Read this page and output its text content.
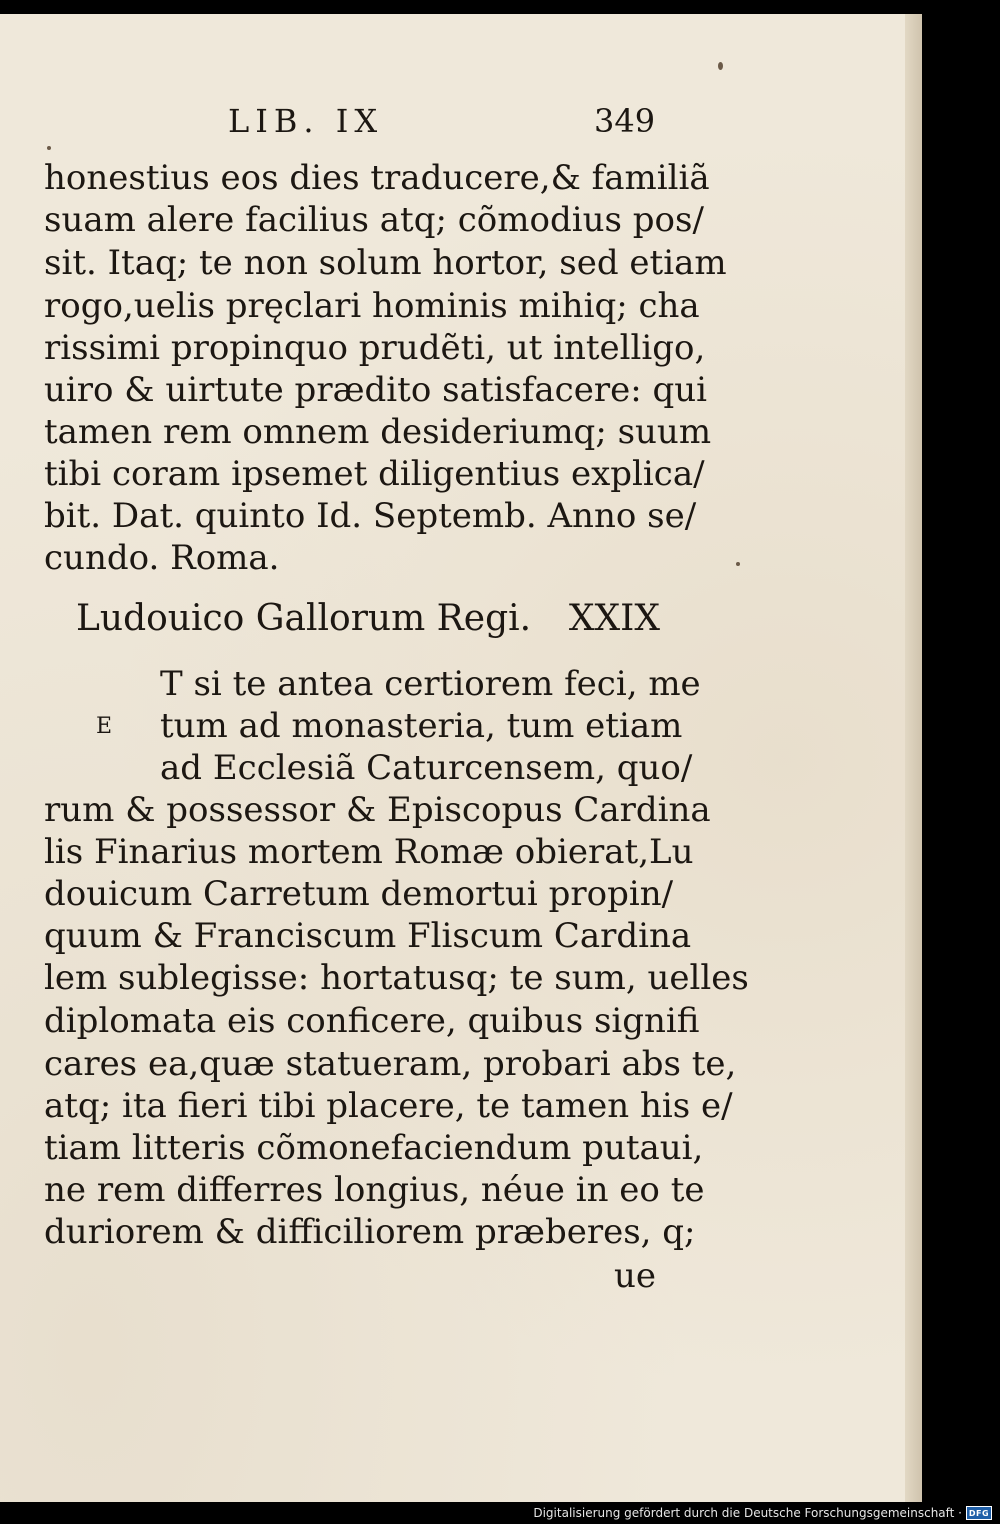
LIB. IX	349
honestius eos dies traducere,& familiã
suam alere facilius atq; cõmodius pos/
sit. Itaq; te non solum hortor, sed etiam
rogo,uelis pręclari hominis mihiq; cha
rissimi propinquo prudẽti, ut intelligo,
uiro & uirtute prædito satisfacere: qui
tamen rem omnem desideriumq; suum
tibi coram ipsemet diligentius explica/
bit. Dat. quinto Id. Septemb. Anno se/
cundo. Roma.
Ludouico Gallorum Regi. XXIX
E
T si te antea certiorem feci, me
tum ad monasteria, tum etiam
ad Ecclesiã Caturcensem, quo/
rum & possessor & Episcopus Cardina
lis Finarius mortem Romæ obierat,Lu
douicum Carretum demortui propin/
quum & Franciscum Fliscum Cardina
lem sublegisse: hortatusq; te sum, uelles
diplomata eis conficere, quibus signifi
cares ea,quæ statueram, probari abs te,
atq; ita fieri tibi placere, te tamen his e/
tiam litteris cõmonefaciendum putaui,
ne rem differres longius, néue in eo te
duriorem & difficiliorem præberes, q;
ue
Digitalisierung gefördert durch die Deutsche Forschungsgemeinschaft · DFG
